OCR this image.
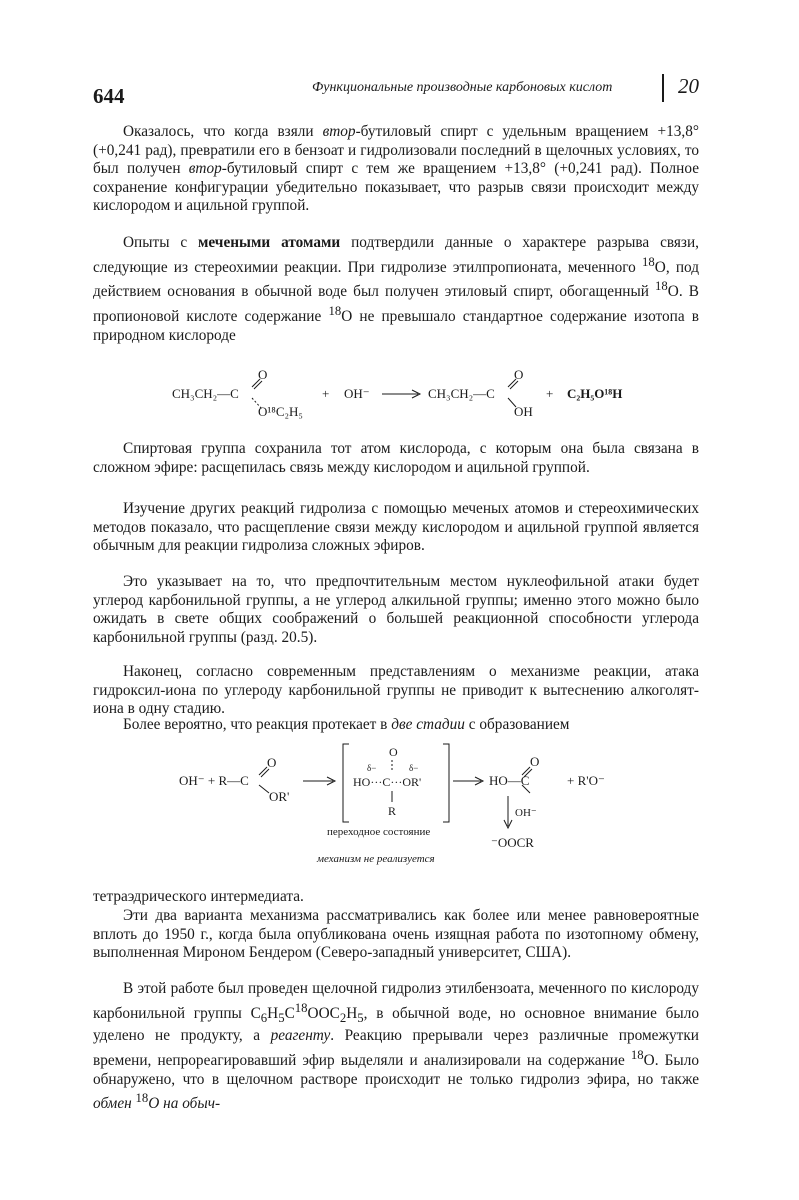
644	Функциональные производные карбоновых кислот	20

Оказалось, что когда взяли втор-бутиловый спирт с удельным вращением +13,8° (+0,241 рад), превратили его в бензоат и гидролизовали последний в щелочных условиях, то был получен втор-бутиловый спирт с тем же вращением +13,8° (+0,241 рад). Полное сохранение конфигурации убедительно показывает, что разрыв связи происходит между кислородом и ацильной группой.

Опыты с мечеными атомами подтвердили данные о характере разрыва связи, следующие из стереохимии реакции. При гидролизе этилпропионата, меченного $^{18}$O, под действием основания в обычной воде был получен этиловый спирт, обогащенный $^{18}$O. В пропионовой кислоте содержание $^{18}$O не превышало стандартное содержание изотопа в природном кислороде

CH₃CH₂—C
O
O¹⁸C₂H₅
+ OH⁻	CH₃CH₂—C
O
OH
+ C₂H₅O¹⁸H

Спиртовая группа сохранила тот атом кислорода, с которым она была связана в сложном эфире: расщепилась связь между кислородом и ацильной группой.

Изучение других реакций гидролиза с помощью меченых атомов и стереохимических методов показало, что расщепление связи между кислородом и ацильной группой является обычным для реакции гидролиза сложных эфиров.

Это указывает на то, что предпочтительным местом нуклеофильной атаки будет углерод карбонильной группы, а не углерод алкильной группы; именно этого можно было ожидать в свете общих соображений о большей реакционной способности углерода карбонильной группы (разд. 20.5).

Наконец, согласно современным представлениям о механизме реакции, атака гидроксил-иона по углероду карбонильной группы не приводит к вытеснению алкоголят-иона в одну стадию.

Более вероятно, что реакция протекает в две стадии с образованием

OH⁻ + R—C
O
OR'
O
δ−	δ−
HO···C···OR'
R
переходное состояние
HO—C
O
+ R'O⁻
OH⁻
⁻OOCR
механизм не реализуется

тетраэдрического интермедиата.

Эти два варианта механизма рассматривались как более или менее равновероятные вплоть до 1950 г., когда была опубликована очень изящная работа по изотопному обмену, выполненная Мироном Бендером (Северо-западный университет, США).

В этой работе был проведен щелочной гидролиз этилбензоата, меченного по кислороду карбонильной группы $C_6H_5C^{18}OOC_2H_5$, в обычной воде, но основное внимание было уделено не продукту, а реагенту. Реакцию прерывали через различные промежутки времени, непрореагировавший эфир выделяли и анализировали на содержание $^{18}$O. Было обнаружено, что в щелочном растворе происходит не только гидролиз эфира, но также обмен $^{18}$O на обыч-
